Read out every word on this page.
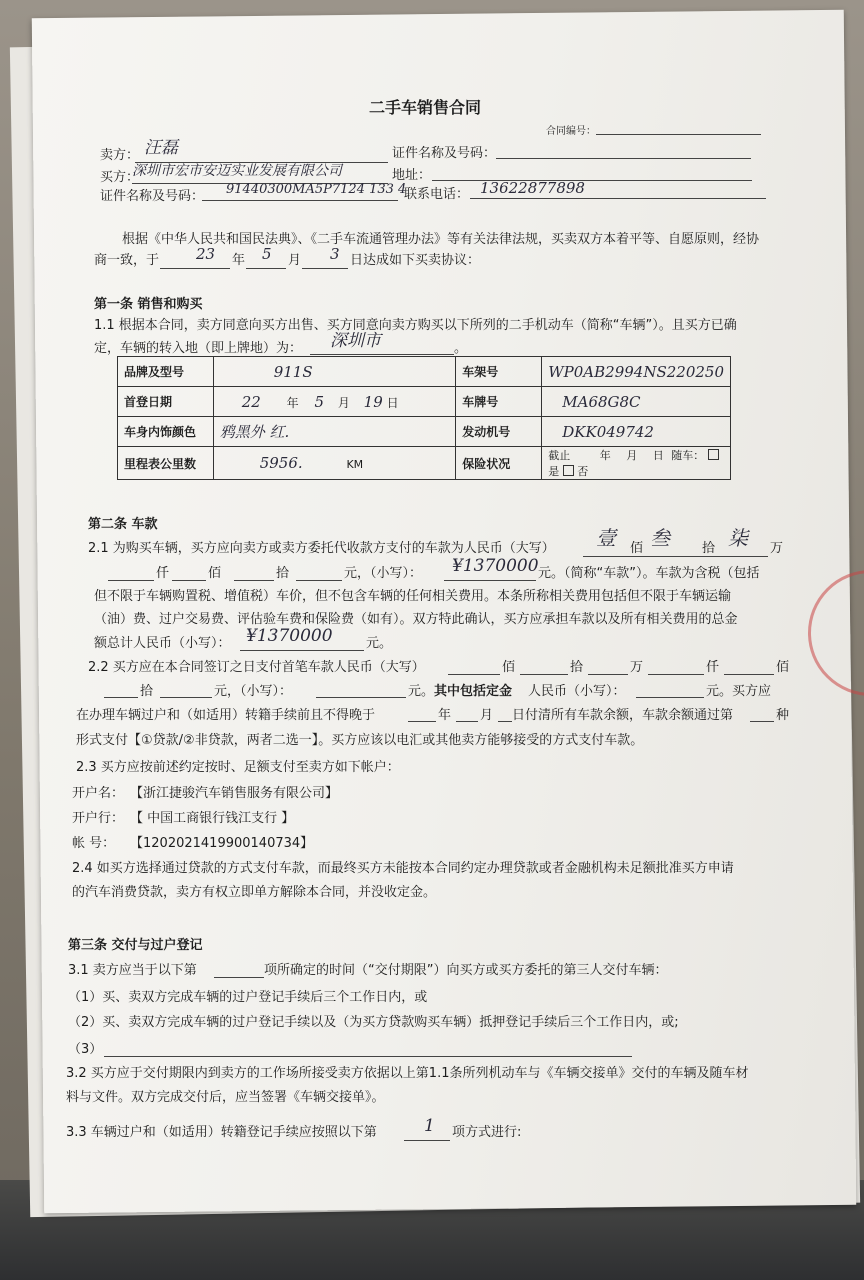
二手车销售合同
合同编号：
卖方： 汪磊	证件名称及号码：
买方：
深圳市宏市安迈实业发展有限公司	地址：
证件名称及号码： 91440300MA5P7124 133 4
联系电话： 13622877898
根据《中华人民共和国民法典》、《二手车流通管理办法》等有关法律法规，买卖双方本着平等、自愿原则，经协
商一致，于 23 年 5 月 3 日达成如下买卖协议：
第一条 销售和购买
1.1 根据本合同，卖方同意向买方出售、买方同意向卖方购买以下所列的二手机动车（简称“车辆”）。且买方已确
定，车辆的转入地（即上牌地）为： 深圳市	。
品牌及型号	911S	车架号	WP0AB2994NS220250
首登日期	22 年 5 月 19 日	车牌号	MA68G8C
车身内饰颜色	鸦黑外 红.	发动机号	DKK049742
里程表公里数	5956. KM	保险状况	截止 年 月 日 随车：  是 否
第二条 车款
2.1 为购买车辆，买方应向卖方或卖方委托代收款方支付的车款为人民币（大写） 壹 佰 叁 拾 柒 万
仟	佰	拾	元，（小写）： ¥1370000 元。（简称“车款”）。车款为含税（包括
但不限于车辆购置税、增值税）车价，但不包含车辆的任何相关费用。本条所称相关费用包括但不限于车辆运输
（油）费、过户交易费、评估验车费和保险费（如有）。双方特此确认，买方应承担车款以及所有相关费用的总金
额总计人民币（小写）： ¥1370000	元。
2.2 买方应在本合同签订之日支付首笔车款人民币（大写）	佰	拾	万	仟	佰
拾	元，（小写）：	元。 其中包括定金 人民币（小写）：	元。买方应
在办理车辆过户和（如适用）转籍手续前且不得晚于	年 月 日付清所有车款余额，车款余额通过第	种
形式支付【①贷款/②非贷款，两者二选一】。买方应该以电汇或其他卖方能够接受的方式支付车款。
2.3 买方应按前述约定按时、足额支付至卖方如下帐户：
开户名： 【浙江捷骏汽车销售服务有限公司】
开户行： 【 中国工商银行钱江支行 】
帐 号： 【1202021419900140734】
2.4 如买方选择通过贷款的方式支付车款，而最终买方未能按本合同约定办理贷款或者金融机构未足额批准买方申请
的汽车消费贷款，卖方有权立即单方解除本合同，并没收定金。
第三条 交付与过户登记
3.1 卖方应当于以下第	项所确定的时间（“交付期限”）向买方或买方委托的第三人交付车辆：
（1）买、卖双方完成车辆的过户登记手续后三个工作日内，或
（2）买、卖双方完成车辆的过户登记手续以及（为买方贷款购买车辆）抵押登记手续后三个工作日内，或;
（3）
3.2 买方应于交付期限内到卖方的工作场所接受卖方依据以上第1.1条所列机动车与《车辆交接单》交付的车辆及随车材
料与文件。双方完成交付后，应当签署《车辆交接单》。
3.3 车辆过户和（如适用）转籍登记手续应按照以下第	1 项方式进行:
